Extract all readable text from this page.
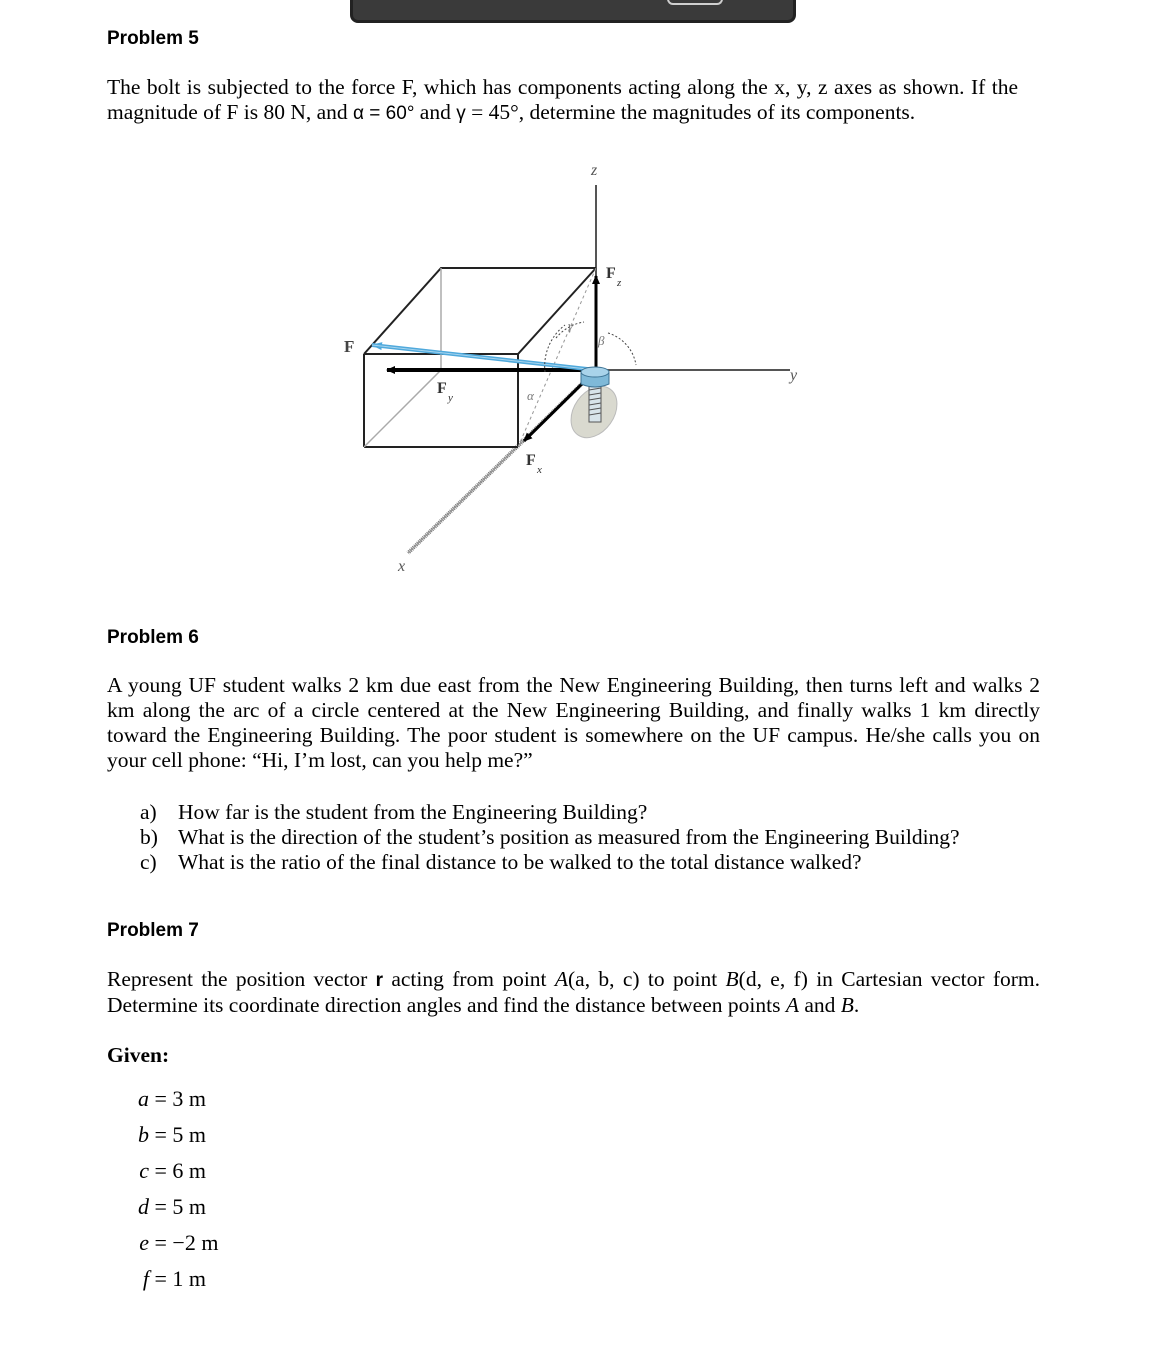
Problem 5
The bolt is subjected to the force F, which has components acting along the x, y, z axes as shown. If the
magnitude of F is 80 N, and α = 60° and γ = 45°, determine the magnitudes of its components.
z
y
x
F
F
z
F
y
F
x
α
β
γ
Problem 6
A young UF student walks 2 km due east from the New Engineering Building, then turns left and walks 2
km along the arc of a circle centered at the New Engineering Building, and finally walks 1 km directly
toward the Engineering Building. The poor student is somewhere on the UF campus. He/she calls you on
your cell phone: “Hi, I’m lost, can you help me?”
a) How far is the student from the Engineering Building?
b) What is the direction of the student’s position as measured from the Engineering Building?
c) What is the ratio of the final distance to be walked to the total distance walked?
Problem 7
Represent the position vector r acting from point A(a, b, c) to point B(d, e, f) in Cartesian vector form.
Determine its coordinate direction angles and find the distance between points A and B.
Given:
a = 3 m
b = 5 m
c = 6 m
d = 5 m
e = −2 m
f = 1 m
